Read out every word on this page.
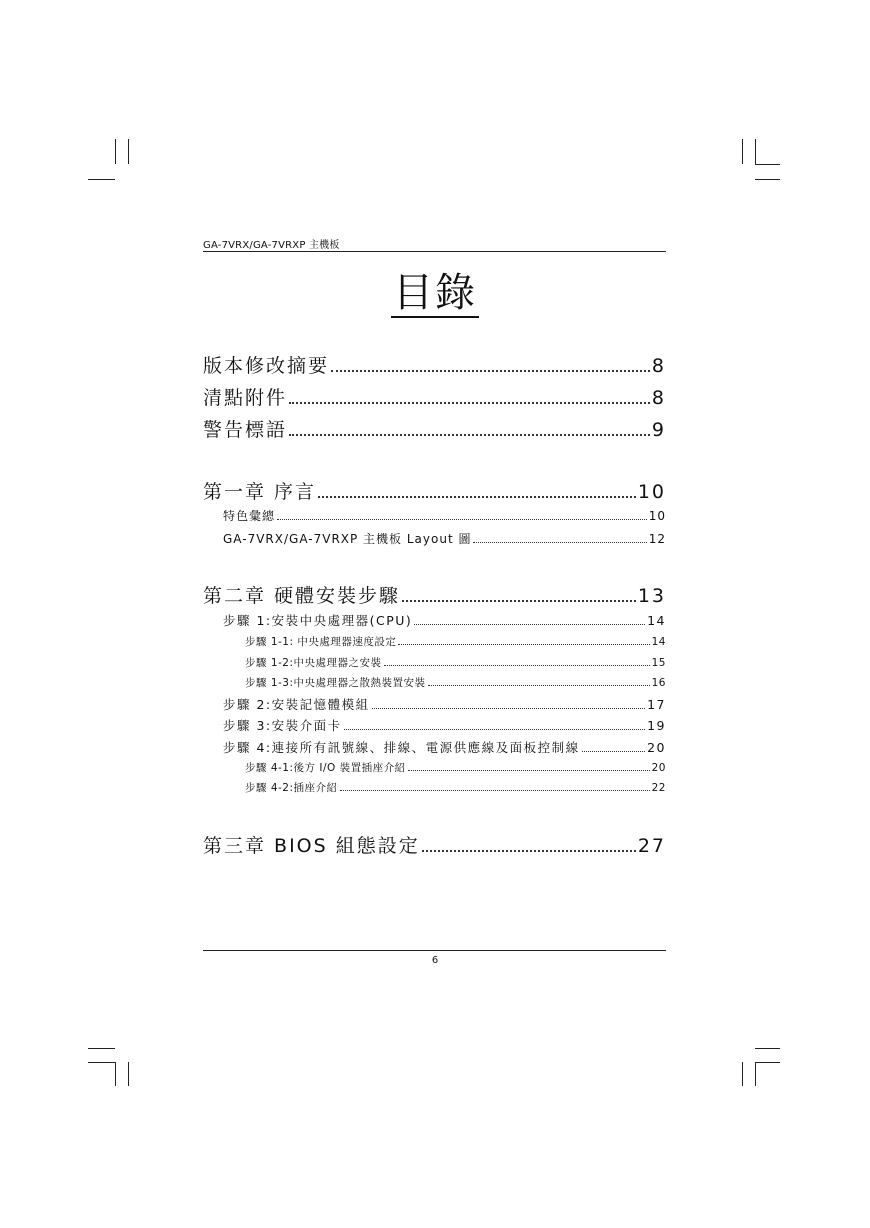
GA-7VRX/GA-7VRXP 主機板
目錄
版本修改摘要	8
清點附件	8
警告標語	9
第一章 序言	10
特色彙總	10
GA-7VRX/GA-7VRXP 主機板 Layout 圖	12
第二章 硬體安裝步驟	13
步驟 1:安裝中央處理器(CPU)	14
步驟 1-1: 中央處理器速度設定	14
步驟 1-2:中央處理器之安裝	15
步驟 1-3:中央處理器之散熱裝置安裝	16
步驟 2:安裝記憶體模組	17
步驟 3:安裝介面卡	19
步驟 4:連接所有訊號線、排線、電源供應線及面板控制線	20
步驟 4-1:後方 I/O 裝置插座介紹	20
步驟 4-2:插座介紹	22
第三章 BIOS 組態設定	27
6
